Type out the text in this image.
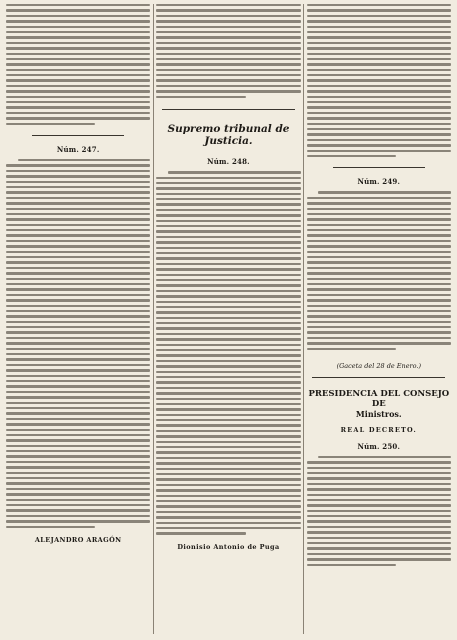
Núm. 247.
ALEJANDRO ARAGÓN
Supremo tribunal de Justicia.
Núm. 248.
Dionisio Antonio de Puga
Núm. 249.
(Gaceta del 28 de Enero.)
PRESIDENCIA DEL CONSEJO DE
Ministros.
REAL DECRETO.
Núm. 250.
